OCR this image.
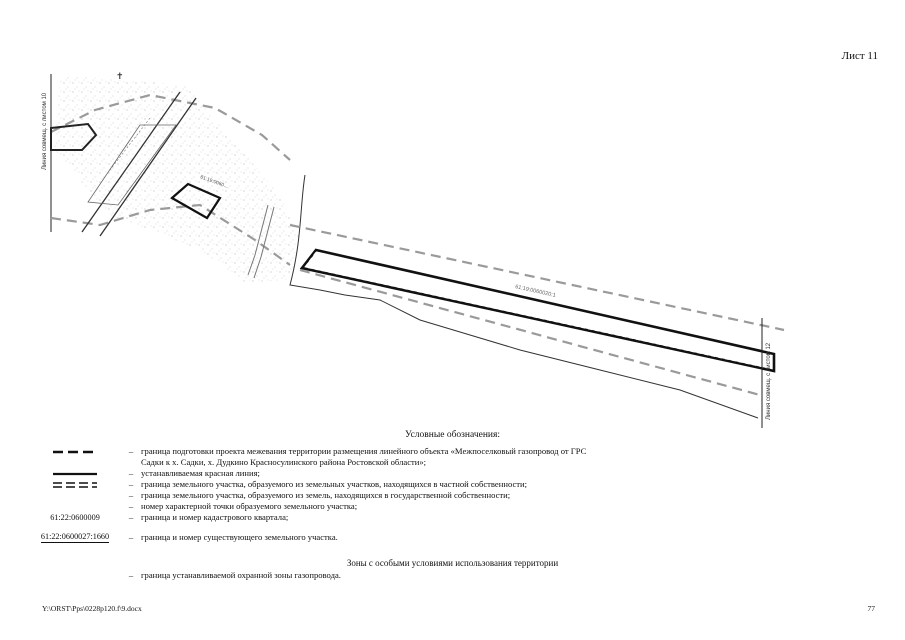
Лист 11
Линия совмещ. с листом 10
✝
61:19:0060...
61:19:0060020:1
Линия совмещ. с листом 12
Условные обозначения:
– граница подготовки проекта межевания территории размещения линейного объекта «Межпоселковый газопровод от ГРС
Садки к х. Садки, х. Дудкино Красносулинского района Ростовской области»;
– устанавливаемая красная линия;
– граница земельного участка, образуемого из земельных участков, находящихся в частной собственности;
– граница земельного участка, образуемого из земель, находящихся в государственной собственности;
– номер характерной точки образуемого земельного участка;
61:22:0600009	– граница и номер кадастрового квартала;
61:22:0600027:1660	– граница и номер существующего земельного участка.
Зоны с особыми условиями использования территории
– граница устанавливаемой охранной зоны газопровода.
Y:\ORST\Pps\0228p120.f\9.docx	77
